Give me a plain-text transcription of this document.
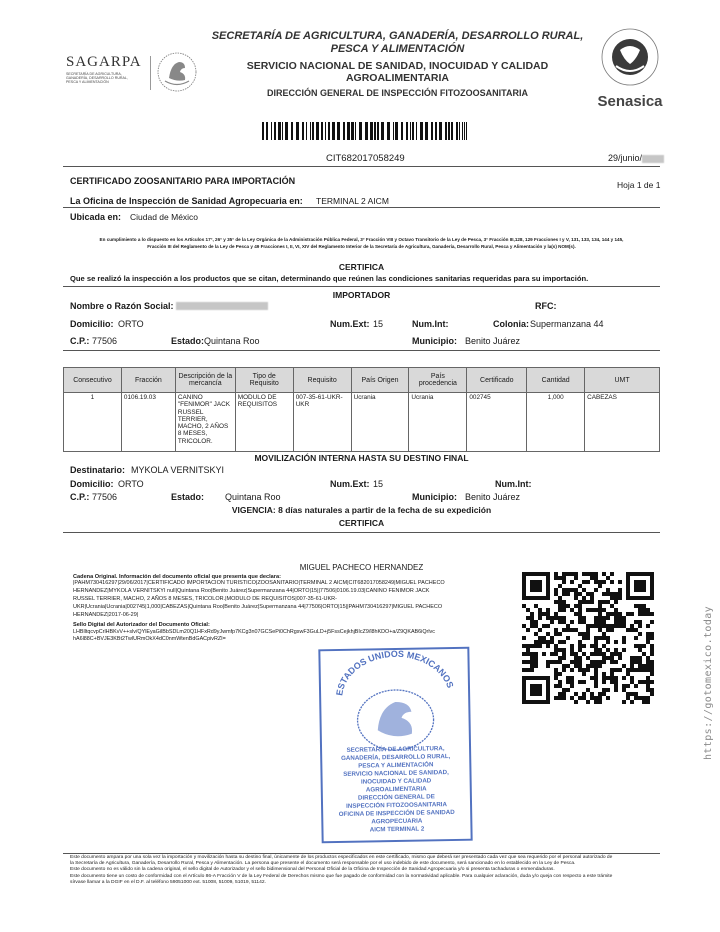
SAGARPA
SECRETARÍA DE AGRICULTURA,
GANADERÍA, DESARROLLO RURAL,
PESCA Y ALIMENTACIÓN
SECRETARÍA DE AGRICULTURA, GANADERÍA, DESARROLLO RURAL,
PESCA Y ALIMENTACIÓN
SERVICIO NACIONAL DE SANIDAD, INOCUIDAD Y CALIDAD
AGROALIMENTARIA
DIRECCIÓN GENERAL DE INSPECCIÓN FITOZOOSANITARIA	Senasica
CIT682017058249	29/junio/
CERTIFICADO ZOOSANITARIO PARA IMPORTACIÓN	Hoja 1 de 1
La Oficina de Inspección de Sanidad Agropecuaria en: TERMINAL 2 AICM
Ubicada en: Ciudad de México
En cumplimiento a lo dispuesto en los Artículos 17°, 26° y 35° de la Ley Orgánica de la Administración Pública Federal, 3° Fracción VIII y Octavo Transitorio de la Ley de Pesca, 3° Fracción III,128, 129 Fracciones I y V, 131, 133, 134, 144 y 145,
Fracción III del Reglamento de la Ley de Pesca y 49 Fracciones I, II, VI, XIV del Reglamento Interior de la Secretaría de Agricultura, Ganadería, Desarrollo Rural, Pesca y Alimentación y la(s) NOM(s).
CERTIFICA
Que se realizó la inspección a los productos que se citan, determinando que reúnen las condiciones sanitarias requeridas para su importación.
IMPORTADOR
Nombre o Razón Social:	RFC:
Domicilio: ORTO	Num.Ext: 15	Num.Int:	Colonia: Supermanzana 44
C.P.: 77506	Estado: Quintana Roo	Municipio: Benito Juárez
Consecutivo	Fracción	Descripción de la mercancía	Tipo de Requisito	Requisito	País Origen	País procedencia	Certificado	Cantidad	UMT
1	0106.19.03	CANINO "FENIMOR" JACK RUSSEL TERRIER, MACHO, 2 AÑOS 8 MESES, TRICOLOR.	MODULO DE REQUISITOS	007-35-61-UKR-UKR	Ucrania	Ucrania	002745	1,000	CABEZAS
MOVILIZACIÓN INTERNA HASTA SU DESTINO FINAL
Destinatario: MYKOLA VERNITSKYI
Domicilio: ORTO	Num.Ext: 15	Num.Int:
C.P.: 77506	Estado: Quintana Roo	Municipio: Benito Juárez
VIGENCIA: 8 días naturales a partir de la fecha de su expedición
CERTIFICA
MIGUEL PACHECO HERNANDEZ
Cadena Original. Información del documento oficial que presenta que declara:
|PAHM730416297|29/06/2017|CERTIFICADO IMPORTACION TURISTICO|ZOOSANITARIO|TERMINAL 2 AICM|CIT682017058249|MIGUEL PACHECO
HERNANDEZ|MYKOLA VERNITSKYI null|Quintana Roo|Benito Juárez|Supermanzana 44|ORTO|15||77506|0106.19.03|CANINO FENIMOR JACK
RUSSEL TERRIER, MACHO, 2 AÑOS 8 MESES, TRICOLOR.|MODULO DE REQUISITOS|007-35-61-UKR-
UKR|Ucrania|Ucrania|002745|1,000|CABEZAS|Quintana Roo|Benito Juárez|Supermanzana 44|77506|ORTO|15||PAHM730416297|MIGUEL PACHECO
HERNANDEZ|2017-06-29|
Sello Digital del Autorizador del Documento Oficial:
LHBlltqcvpCrlHBKvV++slv/QYlEyaGilBbSDLm20Q1HFxRd9yJwmfp7KCg3n07GCSePi0ChRgswF3GuLD+j5FssCejkhjBIcZ9/l8hKDO+a/Z9QKAB6iQrlvc
hA6l88C+BVJE3KBt2TwlURmOkX4dC0nmWtenBdGACpivRZI=
ESTADOS UNIDOS MEXICANOS
SECRETARÍA DE AGRICULTURA,
GANADERÍA, DESARROLLO RURAL,
PESCA Y ALIMENTACIÓN
SERVICIO NACIONAL DE SANIDAD,
INOCUIDAD Y CALIDAD
AGROALIMENTARIA
DIRECCIÓN GENERAL DE
INSPECCIÓN FITOZOOSANITARIA
OFICINA DE INSPECCIÓN DE SANIDAD
AGROPECUARIA
AICM TERMINAL 2
https://gotomexico.today
Este documento ampara por una sola vez la importación y movilización hasta su destino final, únicamente de los productos especificados en este certificado, mismo que deberá ser presentado cada vez que sea requerido por el personal autorizado de
la Secretaría de Agricultura, Ganadería, Desarrollo Rural, Pesca y Alimentación. La persona que presente el documento será responsable por el uso indebido de este documento, será sancionado en lo establecido en la Ley de Pesca.
Este documento no es válido sin la cadena original, el sello digital de Autorizador y el sello bidimensional del Personal Oficial de la Oficina de Inspección de Sanidad Agropecuaria y/o si presenta tachaduras o enmendaduras.
Este documento tiene un costo de conformidad con el Artículo 86-A Fracción V de la Ley Federal de Derechos mismo que fue pagado de conformidad con la normatividad aplicable. Para cualquier aclaración, duda y/o queja con respecto a este trámite
sírvase llamar a la DGIF en el D.F. al teléfono 59051000 ext. 51008, 51009, 51019, 51142.
